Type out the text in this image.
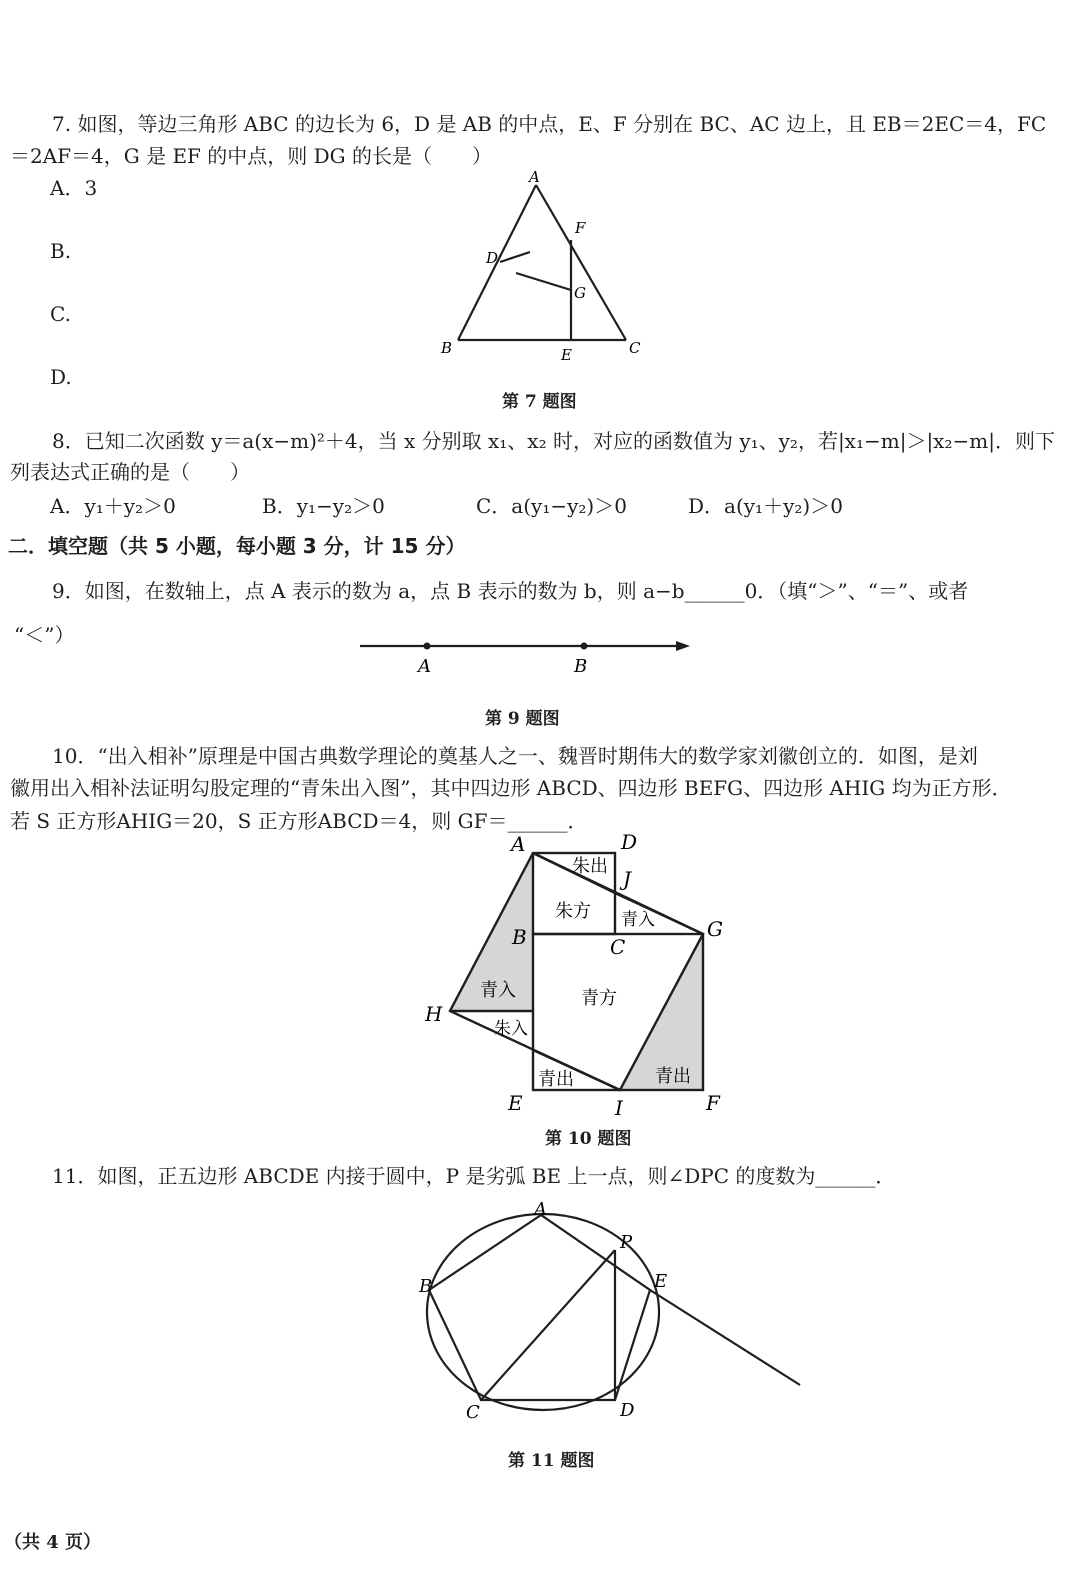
7. 如图，等边三角形 ABC 的边长为 6，D 是 AB 的中点，E、F 分别在 BC、AC 边上，且 EB＝2EC＝4，FC
＝2AF＝4，G 是 EF 的中点，则 DG 的长是（　　）
A．3
B.
C.
D.
A
B	C
D
E
F
G
第 7 题图
8．已知二次函数 y＝a(x−m)²＋4，当 x 分别取 x₁、x₂ 时，对应的函数值为 y₁、y₂，若|x₁−m|＞|x₂−m|．则下
列表达式正确的是（　　）
A．y₁＋y₂＞0	B．y₁−y₂＞0	C．a(y₁−y₂)＞0	D．a(y₁＋y₂)＞0
二．填空题（共 5 小题，每小题 3 分，计 15 分）
9．如图，在数轴上，点 A 表示的数为 a，点 B 表示的数为 b，则 a−b______0．（填“＞”、“＝”、或者
“＜”）
A	B
第 9 题图
10．“出入相补”原理是中国古典数学理论的奠基人之一、魏晋时期伟大的数学家刘徽创立的．如图，是刘
徽用出入相补法证明勾股定理的“青朱出入图”，其中四边形 ABCD、四边形 BEFG、四边形 AHIG 均为正方形．
若 S 正方形AHIG＝20，S 正方形ABCD＝4，则 GF＝______．
A
B	C
D
E	F
G
H
I
J
朱出
朱方 青入
青入	青方
朱入
青出	青出
第 10 题图
11．如图，正五边形 ABCDE 内接于圆中，P 是劣弧 BE 上一点，则∠DPC 的度数为______．
A
B
C	D
E
P
第 11 题图
（共 4 页）
